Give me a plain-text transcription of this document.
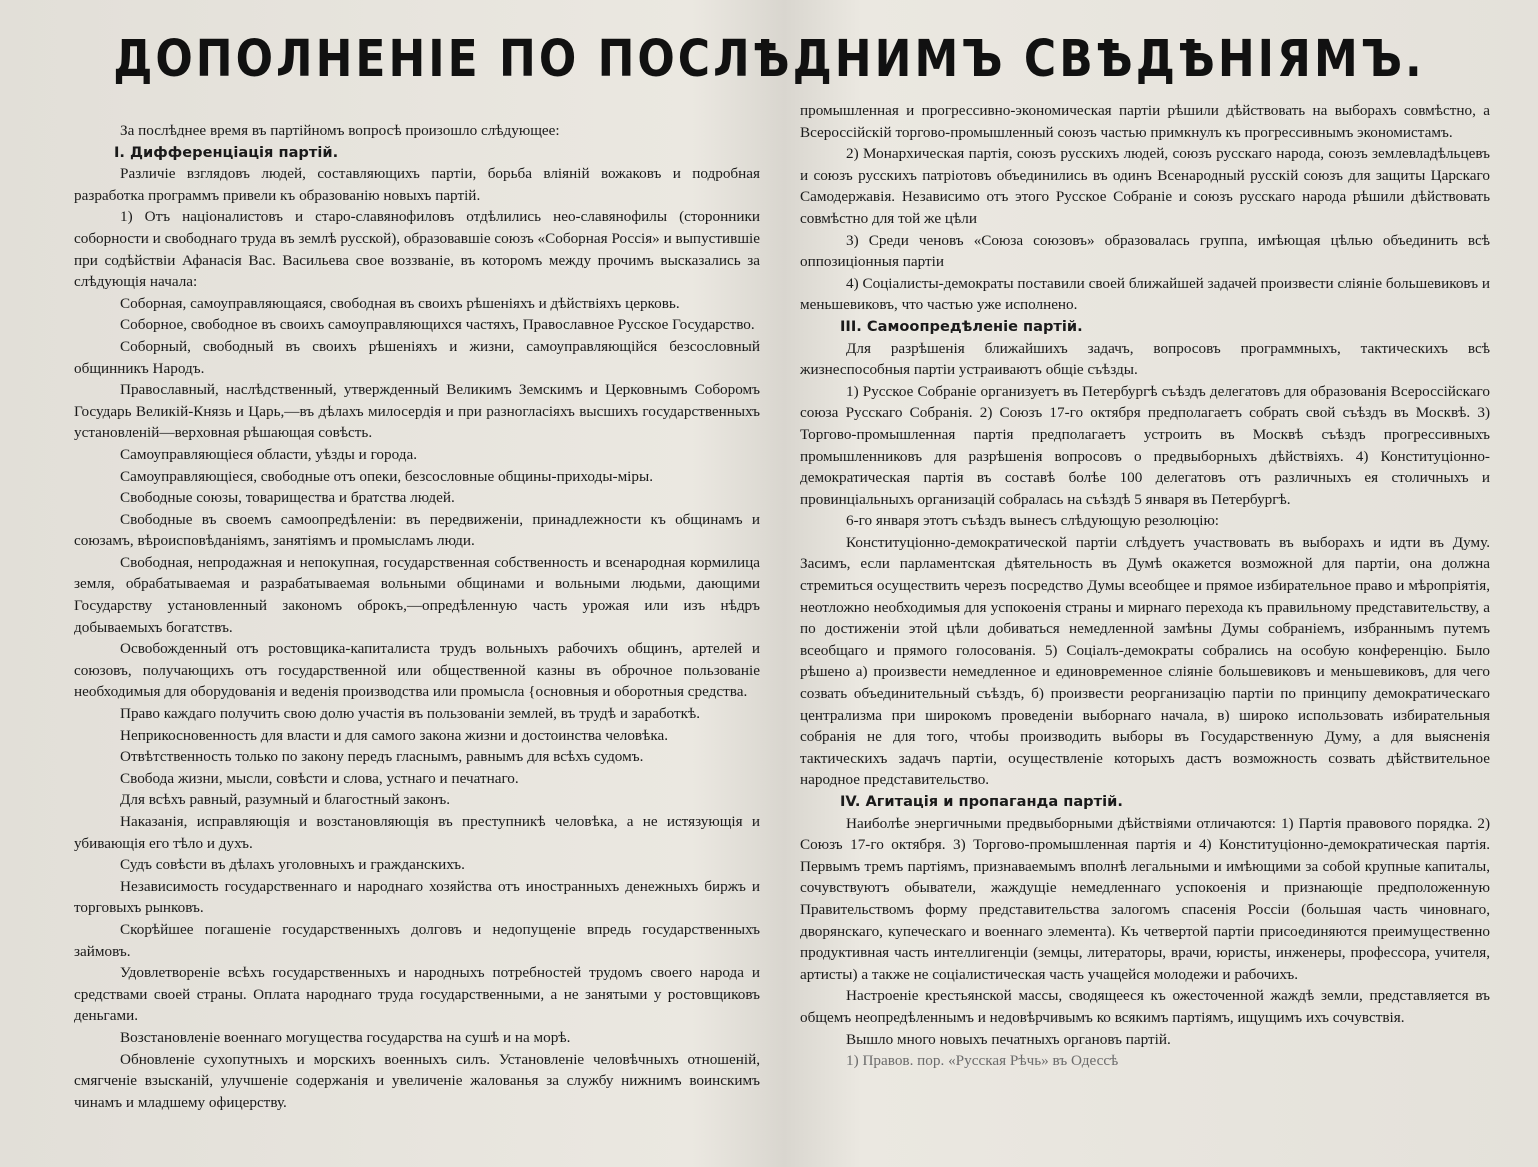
ДОПОЛНЕНІЕ ПО ПОСЛѢДНИМЪ СВѢДѢНІЯМЪ.

За послѣднее время въ партійномъ вопросѣ произошло слѣдующее:

I. Дифференціація партій.

Различіе взглядовъ людей, составляющихъ партіи, борьба вліяній вожаковъ и подробная разработка программъ привели къ образованію новыхъ партій.

1) Отъ націоналистовъ и старо-славянофиловъ отдѣлились нео-славянофилы (сторонники соборности и свободнаго труда въ землѣ русской), образовавшіе союзъ «Соборная Россія» и выпустившіе при содѣйствіи Афанасія Вас. Васильева свое воззваніе, въ которомъ между прочимъ высказались за слѣдующія начала:

Соборная, самоуправляющаяся, свободная въ своихъ рѣшеніяхъ и дѣйствіяхъ церковь.

Соборное, свободное въ своихъ самоуправляющихся частяхъ, Православное Русское Государство.

Соборный, свободный въ своихъ рѣшеніяхъ и жизни, самоуправляющійся безсословный общинникъ Народъ.

Православный, наслѣдственный, утвержденный Великимъ Земскимъ и Церковнымъ Соборомъ Государь Великій-Князь и Царь,—въ дѣлахъ милосердія и при разногласіяхъ высшихъ государственныхъ установленій—верховная рѣшающая совѣсть.

Самоуправляющіеся области, уѣзды и города.

Самоуправляющіеся, свободные отъ опеки, безсословные общины-приходы-міры.

Свободные союзы, товарищества и братства людей.

Свободные въ своемъ самоопредѣленіи: въ передвиженіи, принадлежности къ общинамъ и союзамъ, вѣроисповѣданіямъ, занятіямъ и промысламъ люди.

Свободная, непродажная и непокупная, государственная собственность и всенародная кормилица земля, обрабатываемая и разрабатываемая вольными общинами и вольными людьми, дающими Государству установленный закономъ оброкъ,—опредѣленную часть урожая или изъ нѣдръ добываемыхъ богатствъ.

Освобожденный отъ ростовщика-капиталиста трудъ вольныхъ рабочихъ общинъ, артелей и союзовъ, получающихъ отъ государственной или общественной казны въ оброчное пользованіе необходимыя для оборудованія и веденія производства или промысла {основныя и оборотныя средства.

Право каждаго получить свою долю участія въ пользованіи землей, въ трудѣ и заработкѣ.

Неприкосновенность для власти и для самого закона жизни и достоинства человѣка.

Отвѣтственность только по закону передъ гласнымъ, равнымъ для всѣхъ судомъ.

Свобода жизни, мысли, совѣсти и слова, устнаго и печатнаго.

Для всѣхъ равный, разумный и благостный законъ.

Наказанія, исправляющія и возстановляющія въ преступникѣ человѣка, а не истязующія и убивающія его тѣло и духъ.

Судъ совѣсти въ дѣлахъ уголовныхъ и гражданскихъ.

Независимость государственнаго и народнаго хозяйства отъ иностранныхъ денежныхъ биржъ и торговыхъ рынковъ.

Скорѣйшее погашеніе государственныхъ долговъ и недопущеніе впредь государственныхъ займовъ.

Удовлетвореніе всѣхъ государственныхъ и народныхъ потребностей трудомъ своего народа и средствами своей страны. Оплата народнаго труда государственными, а не занятыми у ростовщиковъ деньгами.

Возстановленіе военнаго могущества государства на сушѣ и на морѣ.

Обновленіе сухопутныхъ и морскихъ военныхъ силъ. Установленіе человѣчныхъ отношеній, смягченіе взысканій, улучшеніе содержанія и увеличеніе жалованья за службу нижнимъ воинскимъ чинамъ и младшему офицерству.

промышленная и прогрессивно-экономическая партіи рѣшили дѣйствовать на выборахъ совмѣстно, а Всероссійскій торгово-промышленный союзъ частью примкнулъ къ прогрессивнымъ экономистамъ.

2) Монархическая партія, союзъ русскихъ людей, союзъ русскаго народа, союзъ землевладѣльцевъ и союзъ русскихъ патріотовъ объединились въ одинъ Всенародный русскій союзъ для защиты Царскаго Самодержавія. Независимо отъ этого Русское Собраніе и союзъ русскаго народа рѣшили дѣйствовать совмѣстно для той же цѣли

3) Среди ченовъ «Союза союзовъ» образовалась группа, имѣющая цѣлью объединить всѣ оппозиціонныя партіи

4) Соціалисты-демократы поставили своей ближайшей задачей произвести сліяніе большевиковъ и меньшевиковъ, что частью уже исполнено.

III. Самоопредѣленіе партій.

Для разрѣшенія ближайшихъ задачъ, вопросовъ программныхъ, тактическихъ всѣ жизнеспособныя партіи устраиваютъ общіе съѣзды.

1) Русское Собраніе организуетъ въ Петербургѣ съѣздъ делегатовъ для образованія Всероссійскаго союза Русскаго Собранія. 2) Союзъ 17-го октября предполагаетъ собрать свой съѣздъ въ Москвѣ. 3) Торгово-промышленная партія предполагаетъ устроить въ Москвѣ съѣздъ прогрессивныхъ промышленниковъ для разрѣшенія вопросовъ о предвыборныхъ дѣйствіяхъ. 4) Конституціонно-демократическая партія въ составѣ болѣе 100 делегатовъ отъ различныхъ ея столичныхъ и провинціальныхъ организацій собралась на съѣздѣ 5 января въ Петербургѣ.

6-го января этотъ съѣздъ вынесъ слѣдующую резолюцію:

Конституціонно-демократической партіи слѣдуетъ участвовать въ выборахъ и идти въ Думу. Засимъ, если парламентская дѣятельность въ Думѣ окажется возможной для партіи, она должна стремиться осуществить черезъ посредство Думы всеобщее и прямое избирательное право и мѣропріятія, неотложно необходимыя для успокоенія страны и мирнаго перехода къ правильному представительству, а по достиженіи этой цѣли добиваться немедленной замѣны Думы собраніемъ, избраннымъ путемъ всеобщаго и прямого голосованія. 5) Соціалъ-демократы собрались на особую конференцію. Было рѣшено а) произвести немедленное и единовременное сліяніе большевиковъ и меньшевиковъ, для чего созвать объединительный съѣздъ, б) произвести реорганизацію партіи по принципу демократическаго централизма при широкомъ проведеніи выборнаго начала, в) широко использовать избирательныя собранія не для того, чтобы производить выборы въ Государственную Думу, а для выясненія тактическихъ задачъ партіи, осуществленіе которыхъ дастъ возможность созвать дѣйствительное народное представительство.

IV. Агитація и пропаганда партій.

Наиболѣе энергичными предвыборными дѣйствіями отличаются: 1) Партія правового порядка. 2) Союзъ 17-го октября. 3) Торгово-промышленная партія и 4) Конституціонно-демократическая партія. Первымъ тремъ партіямъ, признаваемымъ вполнѣ легальными и имѣющими за собой крупные капиталы, сочувствуютъ обыватели, жаждущіе немедленнаго успокоенія и признающіе предположенную Правительствомъ форму представительства залогомъ спасенія Россіи (большая часть чиновнаго, дворянскаго, купеческаго и военнаго элемента). Къ четвертой партіи присоединяются преимущественно продуктивная часть интеллигенціи (земцы, литераторы, врачи, юристы, инженеры, профессора, учителя, артисты) а также не соціалистическая часть учащейся молодежи и рабочихъ.

Настроеніе крестьянской массы, сводящееся къ ожесточенной жаждѣ земли, представляется въ общемъ неопредѣленнымъ и недовѣрчивымъ ко всякимъ партіямъ, ищущимъ ихъ сочувствія.

Вышло много новыхъ печатныхъ органовъ партій.

1) Правов. пор. «Русская Рѣчь» въ Одессѣ
